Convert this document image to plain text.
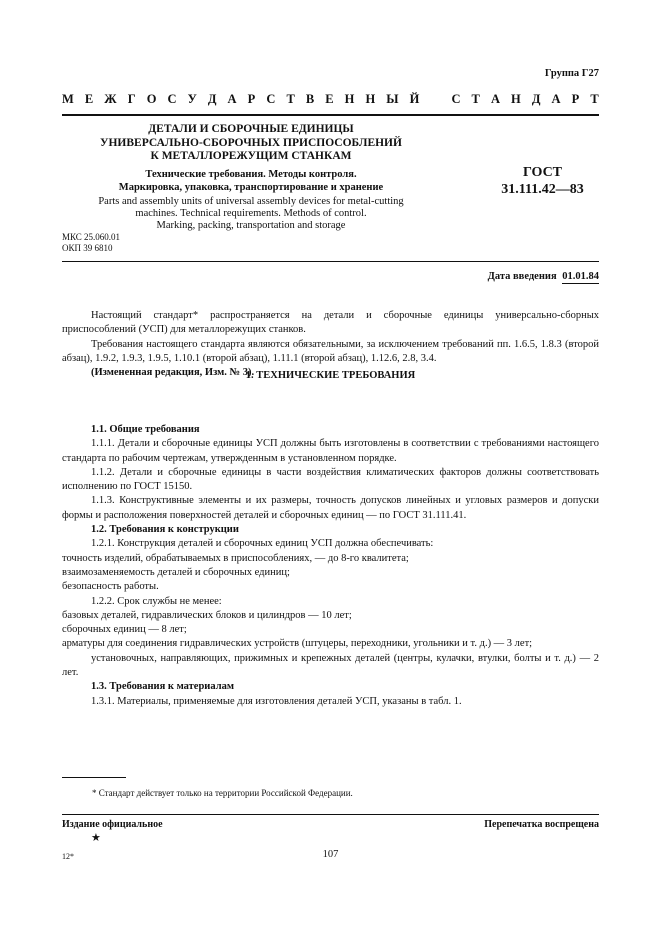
Группа Г27
М Е Ж Г О С У Д А Р С Т В Е Н Н Ы Й	С Т А Н Д А Р Т
ДЕТАЛИ И СБОРОЧНЫЕ ЕДИНИЦЫ
УНИВЕРСАЛЬНО-СБОРОЧНЫХ ПРИСПОСОБЛЕНИЙ
К МЕТАЛЛОРЕЖУЩИМ СТАНКАМ
Технические требования. Методы контроля.
Маркировка, упаковка, транспортирование и хранение
Parts and assembly units of universal assembly devices for metal-cutting
machines. Technical requirements. Methods of control.
Marking, packing, transportation and storage
ГОСТ
31.111.42—83
МКС 25.060.01
ОКП 39 6810
Дата введения 01.01.84

Настоящий стандарт* распространяется на детали и сборочные единицы универсально-сборных приспособлений (УСП) для металлорежущих станков.

Требования настоящего стандарта являются обязательными, за исключением требований пп. 1.6.5, 1.8.3 (второй абзац), 1.9.2, 1.9.3, 1.9.5, 1.10.1 (второй абзац), 1.11.1 (второй абзац), 1.12.6, 2.8, 3.4.

(Измененная редакция, Изм. № 3).

1. ТЕХНИЧЕСКИЕ ТРЕБОВАНИЯ

1.1. Общие требования

1.1.1. Детали и сборочные единицы УСП должны быть изготовлены в соответствии с требованиями настоящего стандарта по рабочим чертежам, утвержденным в установленном порядке.

1.1.2. Детали и сборочные единицы в части воздействия климатических факторов должны соответствовать исполнению по ГОСТ 15150.

1.1.3. Конструктивные элементы и их размеры, точность допусков линейных и угловых размеров и допуски формы и расположения поверхностей деталей и сборочных единиц — по ГОСТ 31.111.41.

1.2. Требования к конструкции

1.2.1. Конструкция деталей и сборочных единиц УСП должна обеспечивать:

точность изделий, обрабатываемых в приспособлениях, — до 8-го квалитета;

взаимозаменяемость деталей и сборочных единиц;

безопасность работы.

1.2.2. Срок службы не менее:

базовых деталей, гидравлических блоков и цилиндров — 10 лет;

сборочных единиц — 8 лет;

арматуры для соединения гидравлических устройств (штуцеры, переходники, угольники и т. д.) — 3 лет;

установочных, направляющих, прижимных и крепежных деталей (центры, кулачки, втулки, болты и т. д.) — 2 лет.

1.3. Требования к материалам

1.3.1. Материалы, применяемые для изготовления деталей УСП, указаны в табл. 1.

* Стандарт действует только на территории Российской Федерации.
Издание официальное
★
Перепечатка воспрещена
12*	107
